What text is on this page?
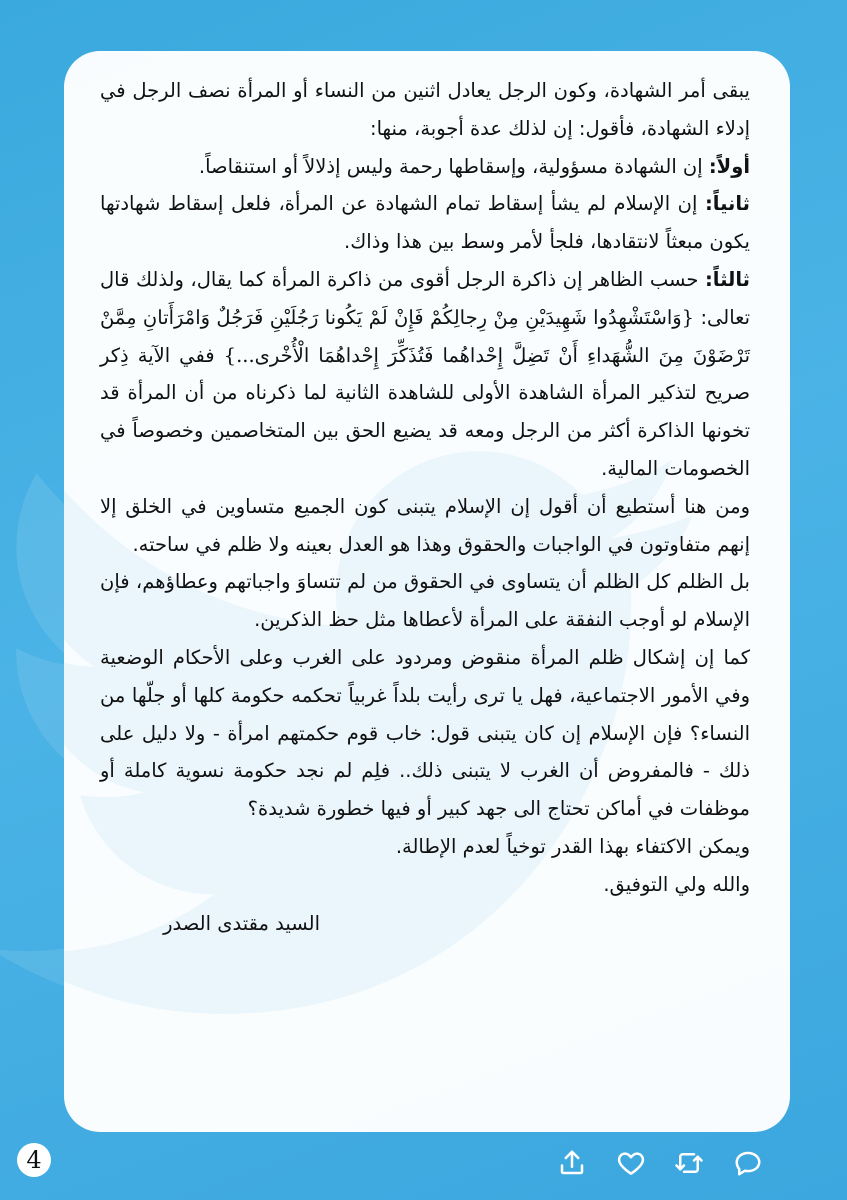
يبقى أمر الشهادة، وكون الرجل يعادل اثنين من النساء أو المرأة نصف الرجل في إدلاء الشهادة، فأقول: إن لذلك عدة أجوبة، منها:

أولاً: إن الشهادة مسؤولية، وإسقاطها رحمة وليس إذلالاً أو استنقاصاً.

ثانياً: إن الإسلام لم يشأ إسقاط تمام الشهادة عن المرأة، فلعل إسقاط شهادتها يكون مبعثاً لانتقادها، فلجأ لأمر وسط بين هذا وذاك.

ثالثاً: حسب الظاهر إن ذاكرة الرجل أقوى من ذاكرة المرأة كما يقال، ولذلك قال تعالى: {وَاسْتَشْهِدُوا شَهِيدَيْنِ مِنْ رِجالِكُمْ فَإِنْ لَمْ يَكُونا رَجُلَيْنِ فَرَجُلٌ وَامْرَأَتانِ مِمَّنْ تَرْضَوْنَ مِنَ الشُّهَداءِ أَنْ تَضِلَّ إِحْداهُما فَتُذَكِّرَ إِحْداهُمَا الْأُخْرى...} ففي الآية ذِكر صريح لتذكير المرأة الشاهدة الأولى للشاهدة الثانية لما ذكرناه من أن المرأة قد تخونها الذاكرة أكثر من الرجل ومعه قد يضيع الحق بين المتخاصمين وخصوصاً في الخصومات المالية.

ومن هنا أستطيع أن أقول إن الإسلام يتبنى كون الجميع متساوين في الخلق إلا إنهم متفاوتون في الواجبات والحقوق وهذا هو العدل بعينه ولا ظلم في ساحته.

بل الظلم كل الظلم أن يتساوى في الحقوق من لم تتساوَ واجباتهم وعطاؤهم، فإن الإسلام لو أوجب النفقة على المرأة لأعطاها مثل حظ الذكرين.

كما إن إشكال ظلم المرأة منقوض ومردود على الغرب وعلى الأحكام الوضعية وفي الأمور الاجتماعية، فهل يا ترى رأيت بلداً غربياً تحكمه حكومة كلها أو جلّها من النساء؟ فإن الإسلام إن كان يتبنى قول: خاب قوم حكمتهم امرأة - ولا دليل على ذلك - فالمفروض أن الغرب لا يتبنى ذلك.. فلِم لم نجد حكومة نسوية كاملة أو موظفات في أماكن تحتاج الى جهد كبير أو فيها خطورة شديدة؟

ويمكن الاكتفاء بهذا القدر توخياً لعدم الإطالة.

والله ولي التوفيق.

السيد مقتدى الصدر
4
